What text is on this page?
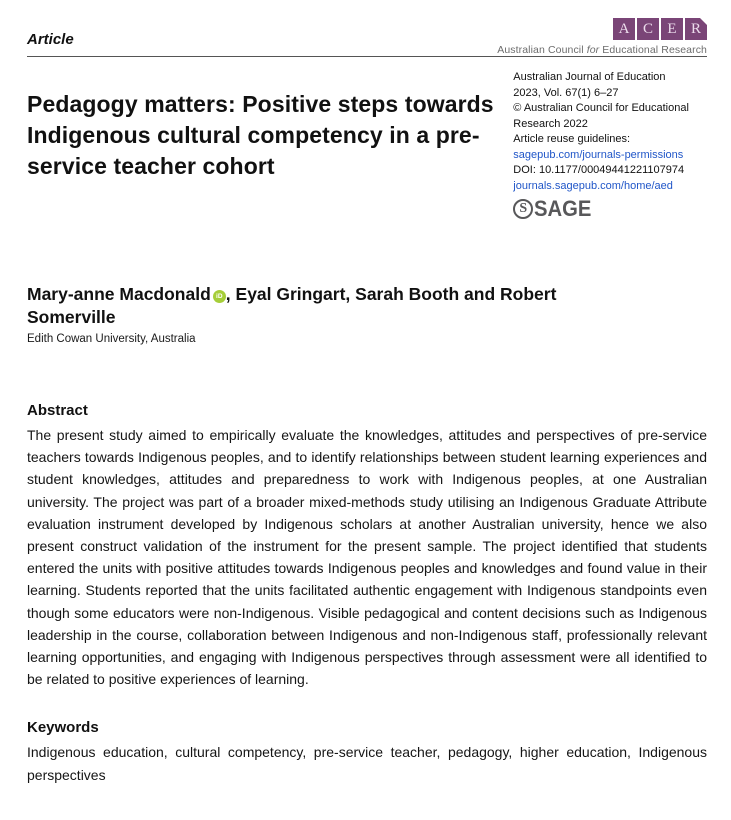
Article
A C E R
Australian Council for Educational Research
Pedagogy matters: Positive steps towards Indigenous cultural competency in a pre-service teacher cohort
Australian Journal of Education
2023, Vol. 67(1) 6–27
© Australian Council for Educational Research 2022
Article reuse guidelines:
sagepub.com/journals-permissions
DOI: 10.1177/00049441221107974
journals.sagepub.com/home/aed
S SAGE
Mary-anne Macdonald iD , Eyal Gringart, Sarah Booth and Robert Somerville
Edith Cowan University, Australia
Abstract

The present study aimed to empirically evaluate the knowledges, attitudes and perspectives of pre-service teachers towards Indigenous peoples, and to identify relationships between student learning experiences and student knowledges, attitudes and preparedness to work with Indigenous peoples, at one Australian university. The project was part of a broader mixed-methods study utilising an Indigenous Graduate Attribute evaluation instrument developed by Indigenous scholars at another Australian university, hence we also present construct validation of the instrument for the present sample. The project identified that students entered the units with positive attitudes towards Indigenous peoples and knowledges and found value in their learning. Students reported that the units facilitated authentic engagement with Indigenous standpoints even though some educators were non-Indigenous. Visible pedagogical and content decisions such as Indigenous leadership in the course, collaboration between Indigenous and non-Indigenous staff, professionally relevant learning opportunities, and engaging with Indigenous perspectives through assessment were all identified to be related to positive experiences of learning.

Keywords

Indigenous education, cultural competency, pre-service teacher, pedagogy, higher education, Indigenous perspectives
